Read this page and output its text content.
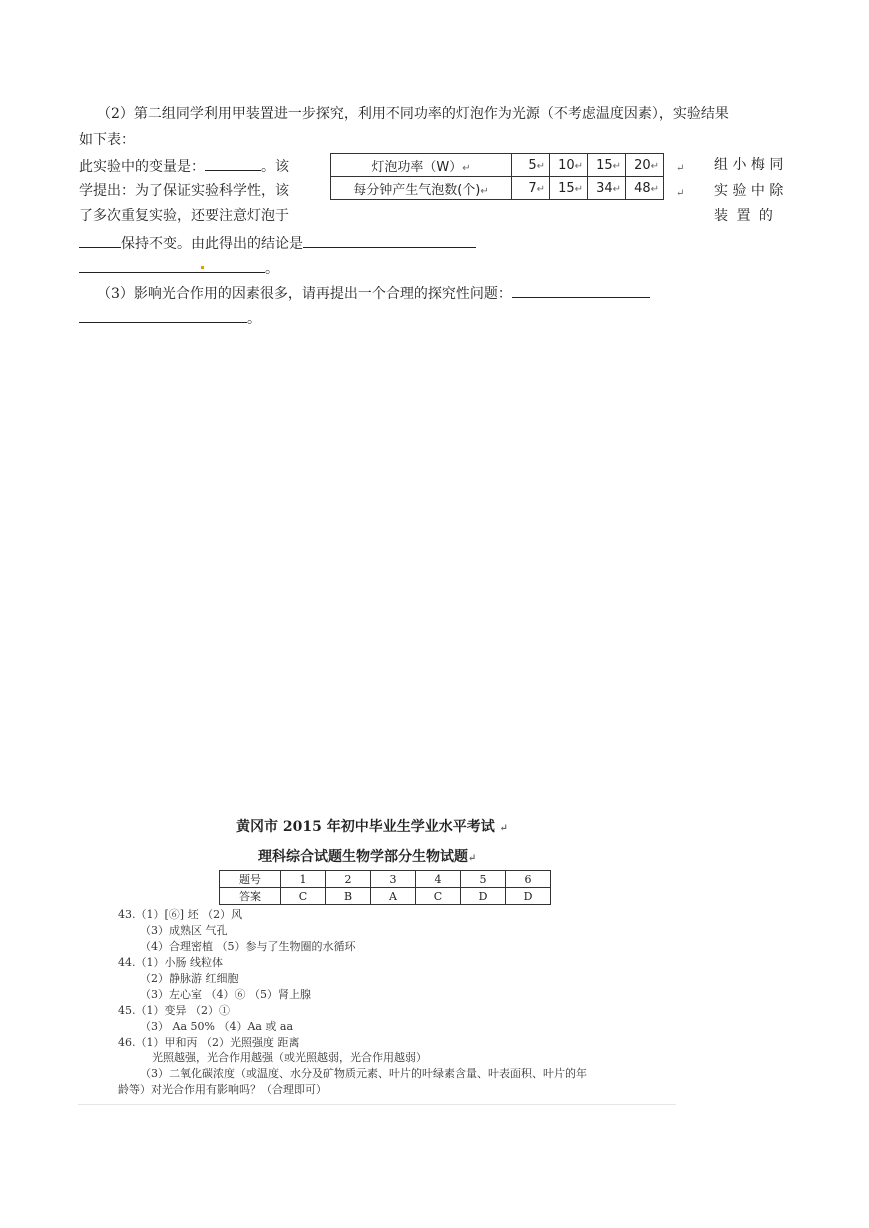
（2）第二组同学利用甲装置进一步探究，利用不同功率的灯泡作为光源（不考虑温度因素），实验结果
如下表：
此实验中的变量是：	。该
学提出：为了保证实验科学性，该
了多次重复实验，还要注意灯泡于
组 小 梅 同
实 验 中 除
装 置 的
灯泡功率（W）↵	5↵	10↵	15↵	20↵
每分钟产生气泡数(个)↵	7↵	15↵	34↵	48↵
↵
↵
保持不变。由此得出的结论是
。
（3）影响光合作用的因素很多，请再提出一个合理的探究性问题：
。
黄冈市 2015 年初中毕业生学业水平考试 ↵
理科综合试题生物学部分生物试题↵
题号	1	2	3	4	5	6
答案	C	B	A	C	D	D
43.（1）[⑥] 坯 （2）风
（3）成熟区 气孔
（4）合理密植 （5）参与了生物圈的水循环
44.（1）小肠 线粒体
（2）静脉游 红细胞
（3）左心室 （4）⑥ （5）肾上腺
45.（1）变异 （2）①
（3） Aa 50% （4）Aa 或 aa
46.（1）甲和丙 （2）光照强度 距离
光照越强，光合作用越强（或光照越弱，光合作用越弱）
（3）二氧化碳浓度（或温度、水分及矿物质元素、叶片的叶绿素含量、叶表面积、叶片的年
龄等）对光合作用有影响吗？（合理即可）
